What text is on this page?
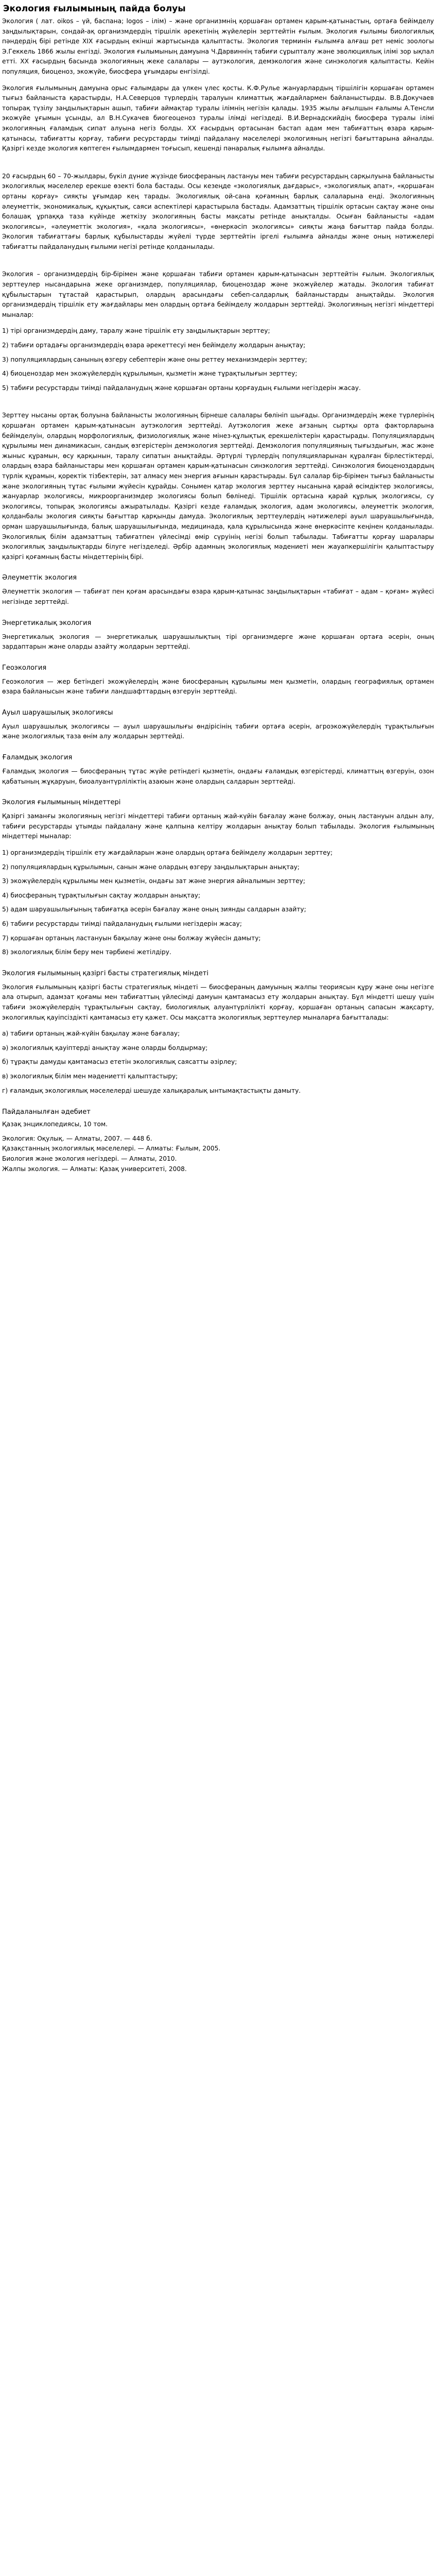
Экология ғылымының пайда болуы

Экология ( лат. oikos – үй, баспана; logos – ілім) – және организмнің қоршаған ортамен қарым-қатынастың, ортаға бейімделу заңдылықтарын, сондай-ақ организмдердің тіршілік әрекетінің жүйелерін зерттейтін ғылым. Экология ғылымы биологиялық пәндердің бірі ретінде XIX ғасырдың екінші жартысында қалыптасты. Экология терминін ғылымға алғаш рет неміс зоологы Э.Геккель 1866 жылы енгізді. Экология ғылымының дамуына Ч.Дарвиннің табиғи сұрыпталу және эволюциялық ілімі зор ықпал етті. XX ғасырдың басында экологияның жеке салалары — аутэкология, демэкология және синэкология қалыптасты. Кейін популяция, биоценоз, экожүйе, биосфера ұғымдары енгізілді.

Экология ғылымының дамуына орыс ғалымдары да үлкен үлес қосты. К.Ф.Рулье жануарлардың тіршілігін қоршаған ортамен тығыз байланыста қарастырды, Н.А.Северцов түрлердің таралуын климаттық жағдайлармен байланыстырды. В.В.Докучаев топырақ түзілу заңдылықтарын ашып, табиғи аймақтар туралы ілімнің негізін қалады. 1935 жылы ағылшын ғалымы А.Тенсли экожүйе ұғымын ұсынды, ал В.Н.Сукачев биогеоценоз туралы ілімді негіздеді. В.И.Вернадскийдің биосфера туралы ілімі экологияның ғаламдық сипат алуына негіз болды. XX ғасырдың ортасынан бастап адам мен табиғаттың өзара қарым-қатынасы, табиғатты қорғау, табиғи ресурстарды тиімді пайдалану мәселелері экологияның негізгі бағыттарына айналды. Қазіргі кезде экология көптеген ғылымдармен тоғысып, кешенді пәнаралық ғылымға айналды.

20 ғасырдың 60 – 70-жылдары, бүкіл дүние жүзінде биосфераның ластануы мен табиғи ресурстардың сарқылуына байланысты экологиялық мәселелер ерекше өзекті бола бастады. Осы кезеңде «экологиялық дағдарыс», «экологиялық апат», «қоршаған ортаны қорғау» сияқты ұғымдар кең тарады. Экологиялық ой-сана қоғамның барлық салаларына енді. Экологияның әлеуметтік, экономикалық, құқықтық, саяси аспектілері қарастырыла бастады. Адамзаттың тіршілік ортасын сақтау және оны болашақ ұрпаққа таза күйінде жеткізу экологияның басты мақсаты ретінде анықталды. Осыған байланысты «адам экологиясы», «әлеуметтік экология», «қала экологиясы», «өнеркәсіп экологиясы» сияқты жаңа бағыттар пайда болды. Экология табиғаттағы барлық құбылыстарды жүйелі түрде зерттейтін іргелі ғылымға айналды және оның нәтижелері табиғатты пайдаланудың ғылыми негізі ретінде қолданылады.

Экология – организмдердің бір-бірімен және қоршаған табиғи ортамен қарым-қатынасын зерттейтін ғылым. Экологиялық зерттеулер нысандарына жеке организмдер, популяциялар, биоценоздар және экожүйелер жатады. Экология табиғат құбылыстарын тұтастай қарастырып, олардың арасындағы себеп-салдарлық байланыстарды анықтайды. Экология организмдердің тіршілік ету жағдайлары мен олардың ортаға бейімделу жолдарын зерттейді. Экологияның негізгі міндеттері мыналар:

1) тірі организмдердің даму, таралу және тіршілік ету заңдылықтарын зерттеу;
2) табиғи ортадағы организмдердің өзара әрекеттесуі мен бейімделу жолдарын анықтау;
3) популяциялардың санының өзгеру себептерін және оны реттеу механизмдерін зерттеу;
4) биоценоздар мен экожүйелердің құрылымын, қызметін және тұрақтылығын зерттеу;
5) табиғи ресурстарды тиімді пайдаланудың және қоршаған ортаны қорғаудың ғылыми негіздерін жасау.

Зерттеу нысаны ортақ болуына байланысты экологияның бірнеше салалары бөлініп шығады. Организмдердің жеке түрлерінің қоршаған ортамен қарым-қатынасын аутэкология зерттейді. Аутэкология жеке ағзаның сыртқы орта факторларына бейімделуін, олардың морфологиялық, физиологиялық және мінез-құлықтық ерекшеліктерін қарастырады. Популяциялардың құрылымы мен динамикасын, сандық өзгерістерін демэкология зерттейді. Демэкология популяцияның тығыздығын, жас және жыныс құрамын, өсу қарқынын, таралу сипатын анықтайды. Әртүрлі түрлердің популяцияларынан құралған бірлестіктерді, олардың өзара байланыстары мен қоршаған ортамен қарым-қатынасын синэкология зерттейді. Синэкология биоценоздардың түрлік құрамын, қоректік тізбектерін, зат алмасу мен энергия ағынын қарастырады. Бұл салалар бір-бірімен тығыз байланысты және экологияның тұтас ғылыми жүйесін құрайды. Сонымен қатар экология зерттеу нысанына қарай өсімдіктер экологиясы, жануарлар экологиясы, микроорганизмдер экологиясы болып бөлінеді. Тіршілік ортасына қарай құрлық экологиясы, су экологиясы, топырақ экологиясы ажыратылады. Қазіргі кезде ғаламдық экология, адам экологиясы, әлеуметтік экология, қолданбалы экология сияқты бағыттар қарқынды дамуда. Экологиялық зерттеулердің нәтижелері ауыл шаруашылығында, орман шаруашылығында, балық шаруашылығында, медицинада, қала құрылысында және өнеркәсіпте кеңінен қолданылады. Экологиялық білім адамзаттың табиғатпен үйлесімді өмір сүруінің негізі болып табылады. Табиғатты қорғау шаралары экологиялық заңдылықтарды білуге негізделеді. Әрбір адамның экологиялық мәдениеті мен жауапкершілігін қалыптастыру қазіргі қоғамның басты міндеттерінің бірі.

Әлеуметтік экология

Әлеуметтік экология — табиғат пен қоғам арасындағы өзара қарым-қатынас заңдылықтарын «табиғат – адам – қоғам» жүйесі негізінде зерттейді.

Энергетикалық экология

Энергетикалық экология — энергетикалық шаруашылықтың тірі организмдерге және қоршаған ортаға әсерін, оның зардаптарын және оларды азайту жолдарын зерттейді.

Геоэкология

Геоэкология — жер бетіндегі экожүйелердің және биосфераның құрылымы мен қызметін, олардың географиялық ортамен өзара байланысын және табиғи ландшафттардың өзгеруін зерттейді.

Ауыл шаруашылық экологиясы

Ауыл шаруашылық экологиясы — ауыл шаруашылығы өндірісінің табиғи ортаға әсерін, агроэкожүйелердің тұрақтылығын және экологиялық таза өнім алу жолдарын зерттейді.

Ғаламдық экология

Ғаламдық экология — биосфераның тұтас жүйе ретіндегі қызметін, ондағы ғаламдық өзгерістерді, климаттың өзгеруін, озон қабатының жұқаруын, биоалуантүрліліктің азаюын және олардың салдарын зерттейді.

Экология ғылымының міндеттері

Қазіргі заманғы экологияның негізгі міндеттері табиғи ортаның жай-күйін бағалау және болжау, оның ластануын алдын алу, табиғи ресурстарды ұтымды пайдалану және қалпына келтіру жолдарын анықтау болып табылады. Экология ғылымының міндеттері мыналар:

1) организмдердің тіршілік ету жағдайларын және олардың ортаға бейімделу жолдарын зерттеу;
2) популяциялардың құрылымын, санын және олардың өзгеру заңдылықтарын анықтау;
3) экожүйелердің құрылымы мен қызметін, ондағы зат және энергия айналымын зерттеу;
4) биосфераның тұрақтылығын сақтау жолдарын анықтау;
5) адам шаруашылығының табиғатқа әсерін бағалау және оның зиянды салдарын азайту;
6) табиғи ресурстарды тиімді пайдаланудың ғылыми негіздерін жасау;
7) қоршаған ортаның ластануын бақылау және оны болжау жүйесін дамыту;
8) экологиялық білім беру мен тәрбиені жетілдіру.
Экология ғылымының қазіргі басты стратегиялық міндеті

Экология ғылымының қазіргі басты стратегиялық міндеті — биосфераның дамуының жалпы теориясын құру және оны негізге ала отырып, адамзат қоғамы мен табиғаттың үйлесімді дамуын қамтамасыз ету жолдарын анықтау. Бұл міндетті шешу үшін табиғи экожүйелердің тұрақтылығын сақтау, биологиялық алуантүрлілікті қорғау, қоршаған ортаның сапасын жақсарту, экологиялық қауіпсіздікті қамтамасыз ету қажет. Осы мақсатта экологиялық зерттеулер мыналарға бағытталады:

а) табиғи ортаның жай-күйін бақылау және бағалау;
ә) экологиялық қауіптерді анықтау және оларды болдырмау;
б) тұрақты дамуды қамтамасыз ететін экологиялық саясатты әзірлеу;
в) экологиялық білім мен мәдениетті қалыптастыру;
г) ғаламдық экологиялық мәселелерді шешуде халықаралық ынтымақтастықты дамыту.
Пайдаланылған әдебиет
Қазақ энциклопедиясы, 10 том.

Экология: Оқулық. — Алматы, 2007. — 448 б.

Қазақстанның экологиялық мәселелері. — Алматы: Ғылым, 2005.

Биология және экология негіздері. — Алматы, 2010.

Жалпы экология. — Алматы: Қазақ университеті, 2008.
